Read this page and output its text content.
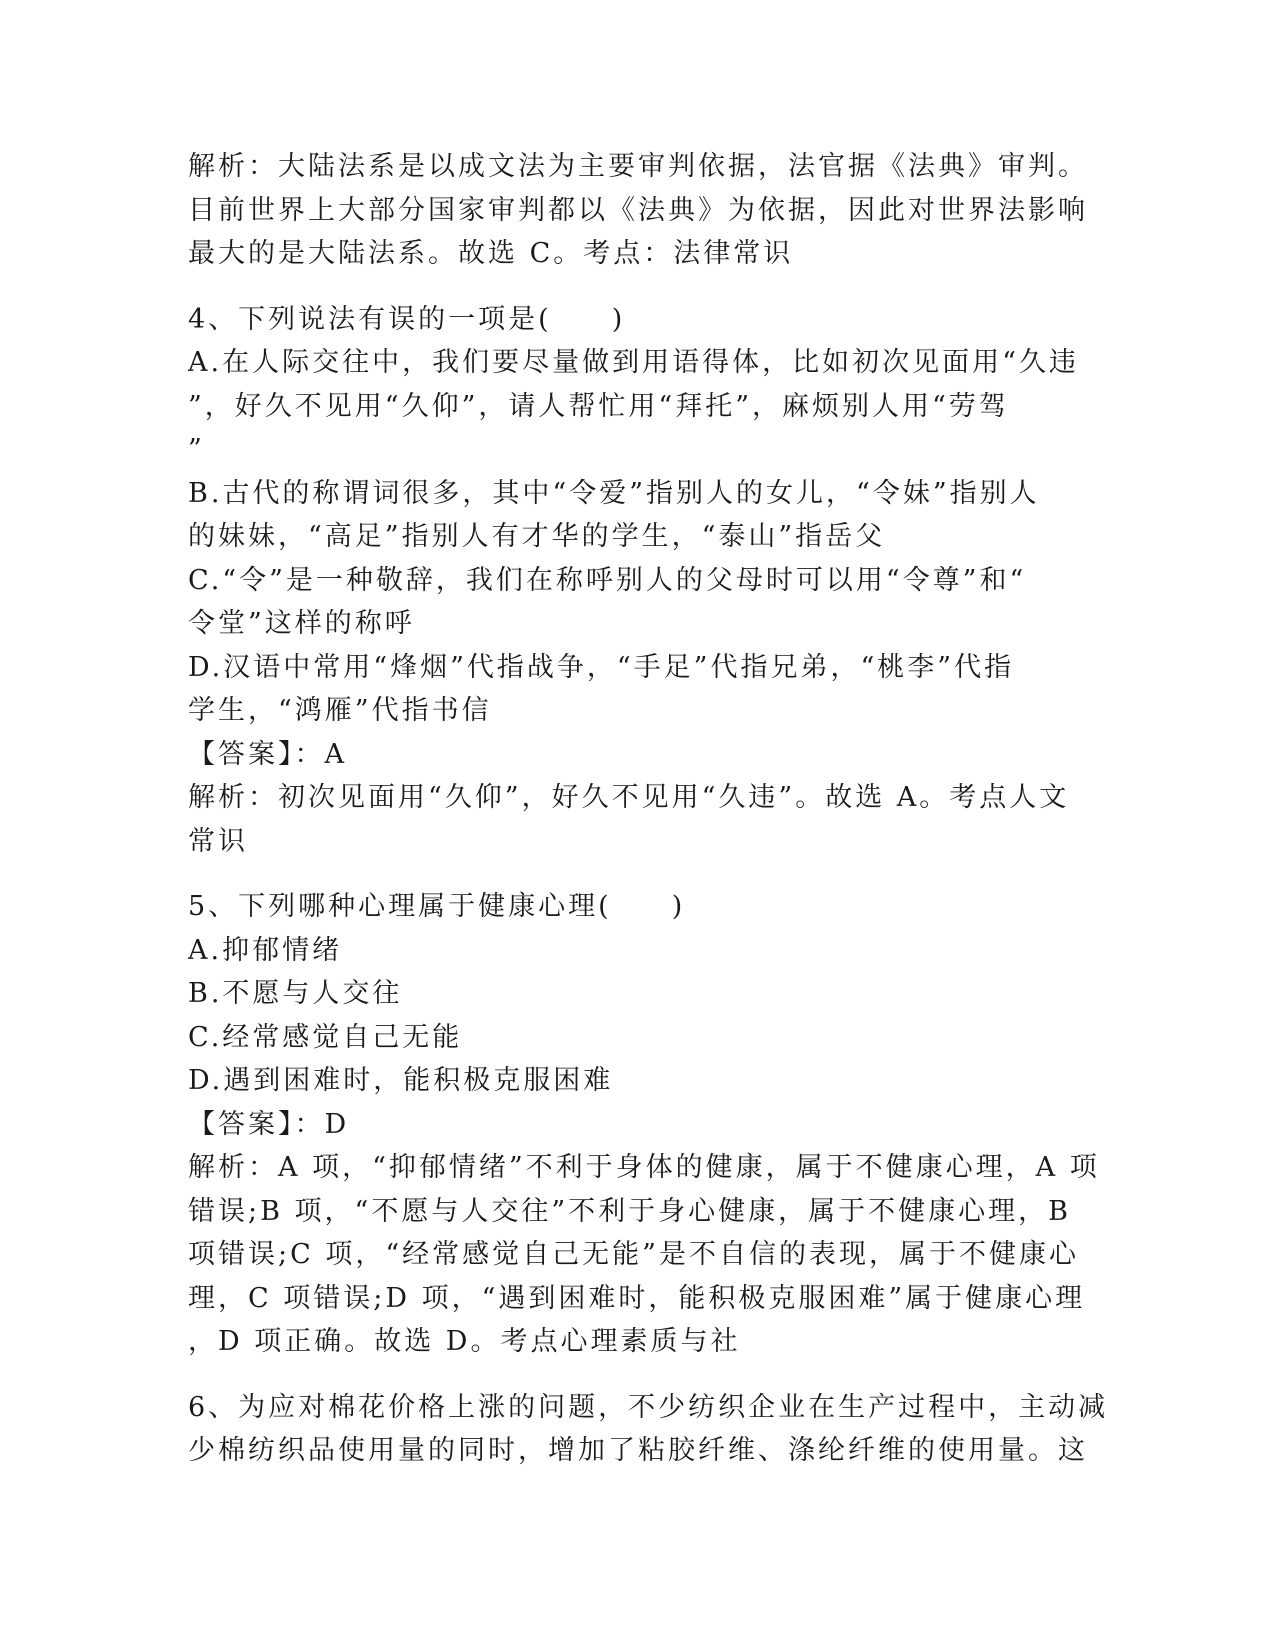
解析：大陆法系是以成文法为主要审判依据，法官据《法典》审判。
目前世界上大部分国家审判都以《法典》为依据，因此对世界法影响
最大的是大陆法系。故选 C。考点：法律常识
4、下列说法有误的一项是(　　)
A.在人际交往中，我们要尽量做到用语得体，比如初次见面用“久违
”，好久不见用“久仰”，请人帮忙用“拜托”，麻烦别人用“劳驾
”
B.古代的称谓词很多，其中“令爱”指别人的女儿，“令妹”指别人
的妹妹，“高足”指别人有才华的学生，“泰山”指岳父
C.“令”是一种敬辞，我们在称呼别人的父母时可以用“令尊”和“
令堂”这样的称呼
D.汉语中常用“烽烟”代指战争，“手足”代指兄弟，“桃李”代指
学生，“鸿雁”代指书信
【答案】：A
解析：初次见面用“久仰”，好久不见用“久违”。故选 A。考点人文
常识
5、下列哪种心理属于健康心理(　　)
A.抑郁情绪
B.不愿与人交往
C.经常感觉自己无能
D.遇到困难时，能积极克服困难
【答案】：D
解析：A 项，“抑郁情绪”不利于身体的健康，属于不健康心理，A 项
错误;B 项，“不愿与人交往”不利于身心健康，属于不健康心理，B
项错误;C 项，“经常感觉自己无能”是不自信的表现，属于不健康心
理，C 项错误;D 项，“遇到困难时，能积极克服困难”属于健康心理
，D 项正确。故选 D。考点心理素质与社
6、为应对棉花价格上涨的问题，不少纺织企业在生产过程中，主动减
少棉纺织品使用量的同时，增加了粘胶纤维、涤纶纤维的使用量。这
